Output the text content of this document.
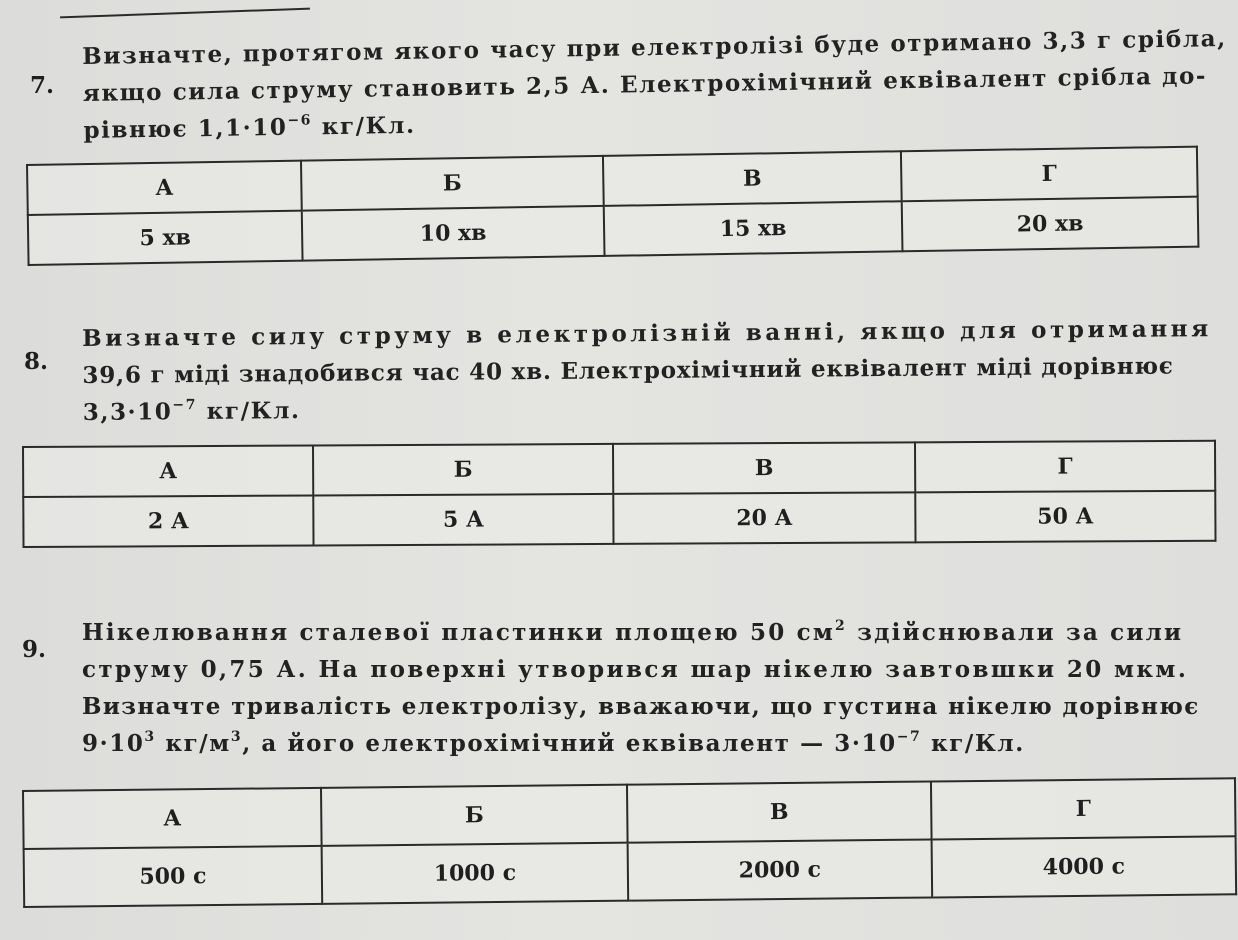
7.
Визначте, протягом якого часу при електролізі буде отримано 3,3 г срібла,
якщо сила струму становить 2,5 А. Електрохімічний еквівалент срібла до-
рівнює $1,1\cdot 10^{-6}$ кг/Кл.
А	Б	В	Г
5 хв	10 хв	15 хв	20 хв
8.
Визначте силу струму в електролізній ванні, якщо для отримання
39,6 г міді знадобився час 40 хв. Електрохімічний еквівалент міді дорівнює
$3,3\cdot 10^{-7}$ кг/Кл.
А	Б	В	Г
2 А	5 А	20 А	50 А
9.
Нікелювання сталевої пластинки площею 50 $см^2$ здійснювали за сили
струму 0,75 А. На поверхні утворився шар нікелю завтовшки 20 мкм.
Визначте тривалість електролізу, вважаючи, що густина нікелю дорівнює
$9\cdot 10^3$ $кг/м^3$, а його електрохімічний еквівалент — $3\cdot 10^{-7}$ кг/Кл.
А	Б	В	Г
500 с	1000 с	2000 с	4000 с
